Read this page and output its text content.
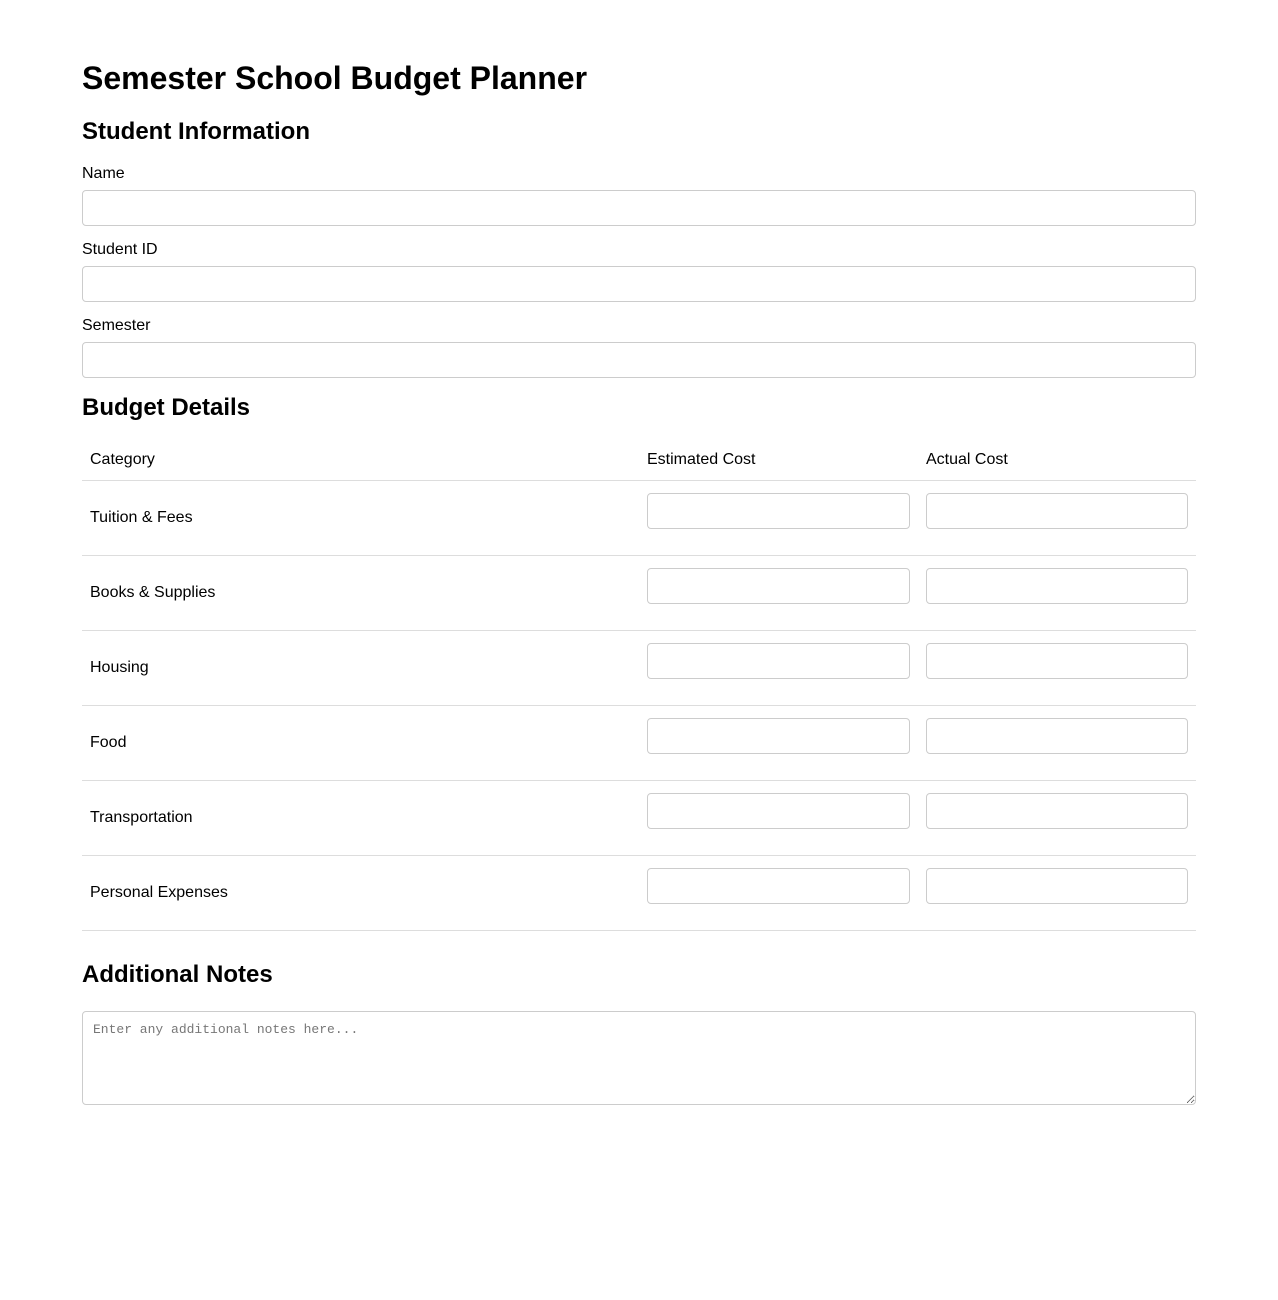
Semester School Budget Planner
Student Information
Name
Student ID
Semester
Budget Details
Category	Estimated Cost	Actual Cost
Tuition & Fees	

Books & Supplies	

Housing	

Food	

Transportation	

Personal Expenses	

Additional Notes
Enter any additional notes here...
